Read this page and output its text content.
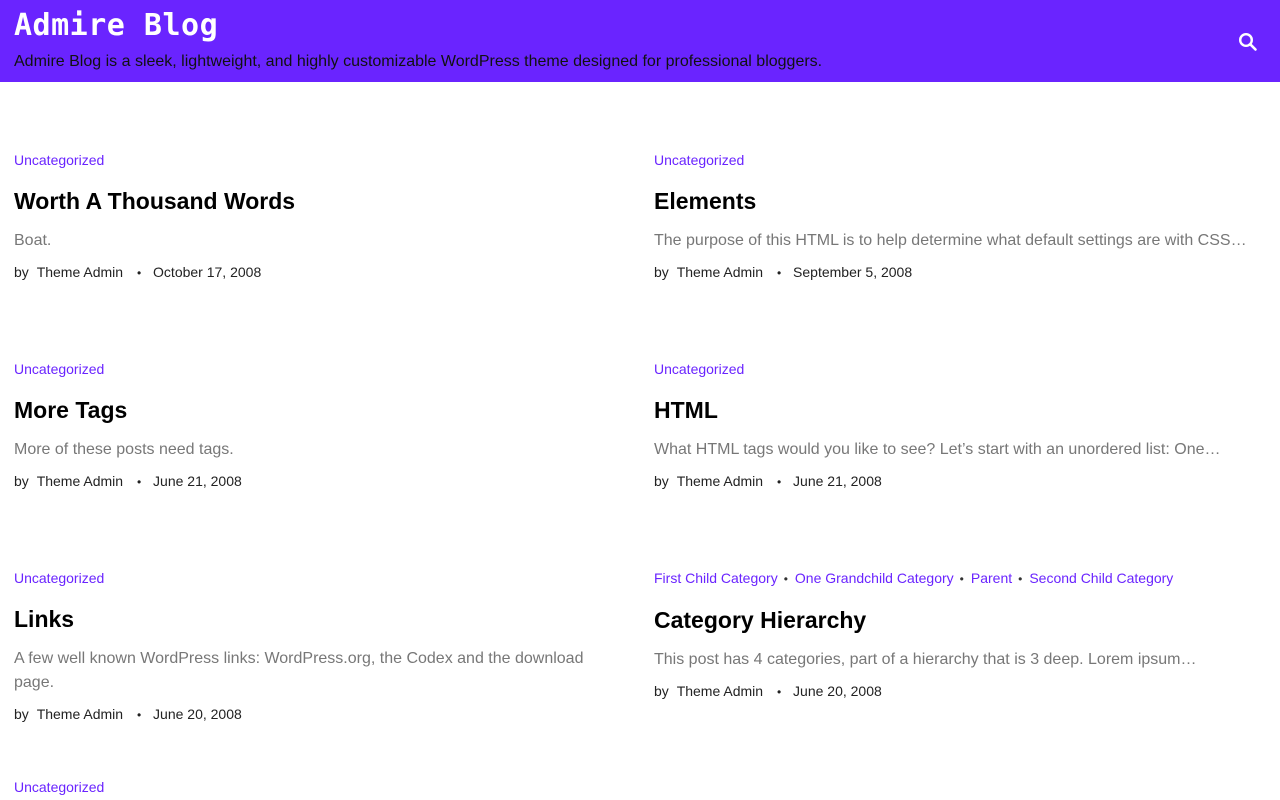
Admire Blog
Admire Blog is a sleek, lightweight, and highly customizable WordPress theme designed for professional bloggers.
Uncategorized
Worth A Thousand Words

Boat.

by Theme Admin • October 17, 2008
Uncategorized
Elements

The purpose of this HTML is to help determine what default settings are with CSS…

by Theme Admin • September 5, 2008
Uncategorized
More Tags

More of these posts need tags.

by Theme Admin • June 21, 2008
Uncategorized
HTML

What HTML tags would you like to see? Let’s start with an unordered list: One…

by Theme Admin • June 21, 2008
Uncategorized
Links

A few well known WordPress links: WordPress.org, the Codex and the download page.

by Theme Admin • June 20, 2008
First Child Category • One Grandchild Category • Parent • Second Child Category
Category Hierarchy

This post has 4 categories, part of a hierarchy that is 3 deep. Lorem ipsum…

by Theme Admin • June 20, 2008
Uncategorized
